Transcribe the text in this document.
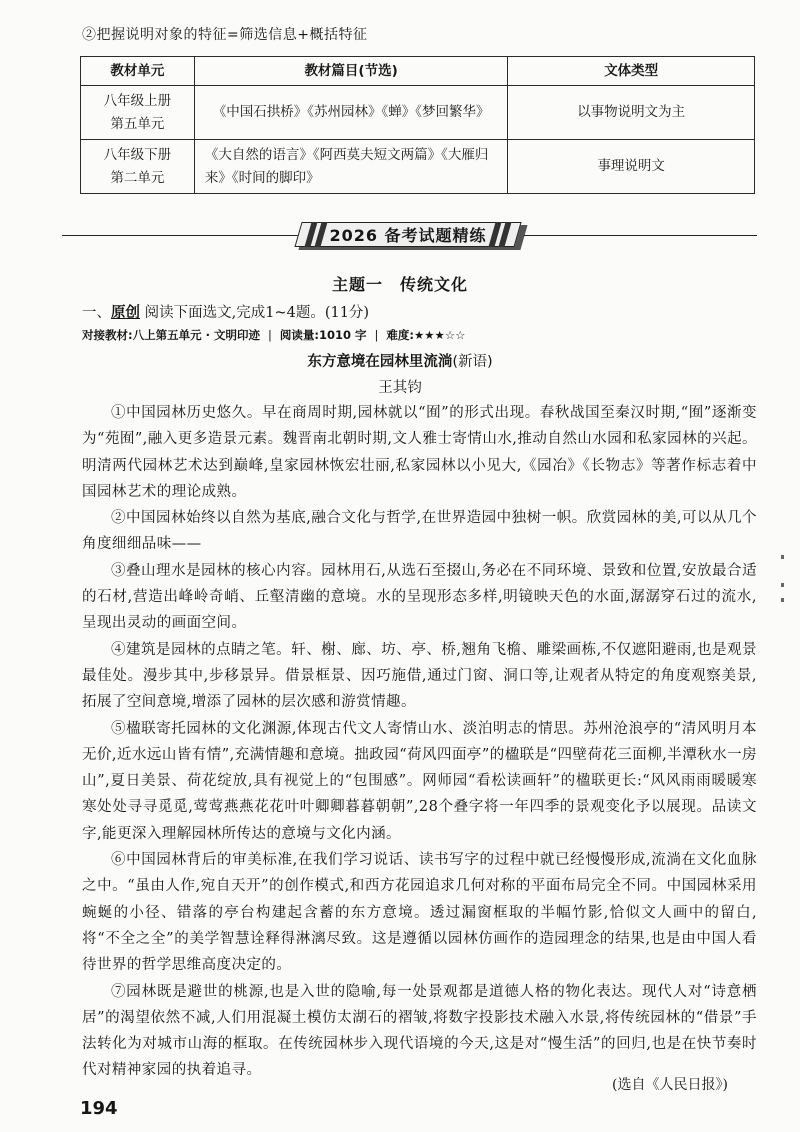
②把握说明对象的特征=筛选信息+概括特征
教材单元	教材篇目(节选)	文体类型
八年级上册
第五单元	《中国石拱桥》《苏州园林》《蝉》《梦回繁华》	以事物说明文为主
八年级下册
第二单元	《大自然的语言》《阿西莫夫短文两篇》《大雁归来》《时间的脚印》	事理说明文
2026 备考试题精练
主题一　传统文化
一、原创 阅读下面选文,完成1~4题。(11分)
对接教材:八上第五单元 · 文明印迹 | 阅读量:1010 字 | 难度:★★★☆☆
东方意境在园林里流淌(新语)
王其钧

①中国园林历史悠久。早在商周时期,园林就以“囿”的形式出现。春秋战国至秦汉时期,“囿”逐渐变为“苑囿”,融入更多造景元素。魏晋南北朝时期,文人雅士寄情山水,推动自然山水园和私家园林的兴起。明清两代园林艺术达到巅峰,皇家园林恢宏壮丽,私家园林以小见大,《园冶》《长物志》等著作标志着中国园林艺术的理论成熟。

②中国园林始终以自然为基底,融合文化与哲学,在世界造园中独树一帜。欣赏园林的美,可以从几个角度细细品味——

③叠山理水是园林的核心内容。园林用石,从选石至掇山,务必在不同环境、景致和位置,安放最合适的石材,营造出峰岭奇峭、丘壑清幽的意境。水的呈现形态多样,明镜映天色的水面,潺潺穿石过的流水,呈现出灵动的画面空间。

④建筑是园林的点睛之笔。轩、榭、廊、坊、亭、桥,翘角飞檐、雕梁画栋,不仅遮阳避雨,也是观景最佳处。漫步其中,步移景异。借景框景、因巧施借,通过门窗、洞口等,让观者从特定的角度观察美景,拓展了空间意境,增添了园林的层次感和游赏情趣。

⑤楹联寄托园林的文化渊源,体现古代文人寄情山水、淡泊明志的情思。苏州沧浪亭的“清风明月本无价,近水远山皆有情”,充满情趣和意境。拙政园“荷风四面亭”的楹联是“四壁荷花三面柳,半潭秋水一房山”,夏日美景、荷花绽放,具有视觉上的“包围感”。网师园“看松读画轩”的楹联更长:“风风雨雨暖暖寒寒处处寻寻觅觅,莺莺燕燕花花叶叶卿卿暮暮朝朝”,28个叠字将一年四季的景观变化予以展现。品读文字,能更深入理解园林所传达的意境与文化内涵。

⑥中国园林背后的审美标准,在我们学习说话、读书写字的过程中就已经慢慢形成,流淌在文化血脉之中。“虽由人作,宛自天开”的创作模式,和西方花园追求几何对称的平面布局完全不同。中国园林采用蜿蜒的小径、错落的亭台构建起含蓄的东方意境。透过漏窗框取的半幅竹影,恰似文人画中的留白,将“不全之全”的美学智慧诠释得淋漓尽致。这是遵循以园林仿画作的造园理念的结果,也是由中国人看待世界的哲学思维高度决定的。

⑦园林既是避世的桃源,也是入世的隐喻,每一处景观都是道德人格的物化表达。现代人对“诗意栖居”的渴望依然不减,人们用混凝土模仿太湖石的褶皱,将数字投影技术融入水景,将传统园林的“借景”手法转化为对城市山海的框取。在传统园林步入现代语境的今天,这是对“慢生活”的回归,也是在快节奏时代对精神家园的执着追寻。

(选自《人民日报》)
194
